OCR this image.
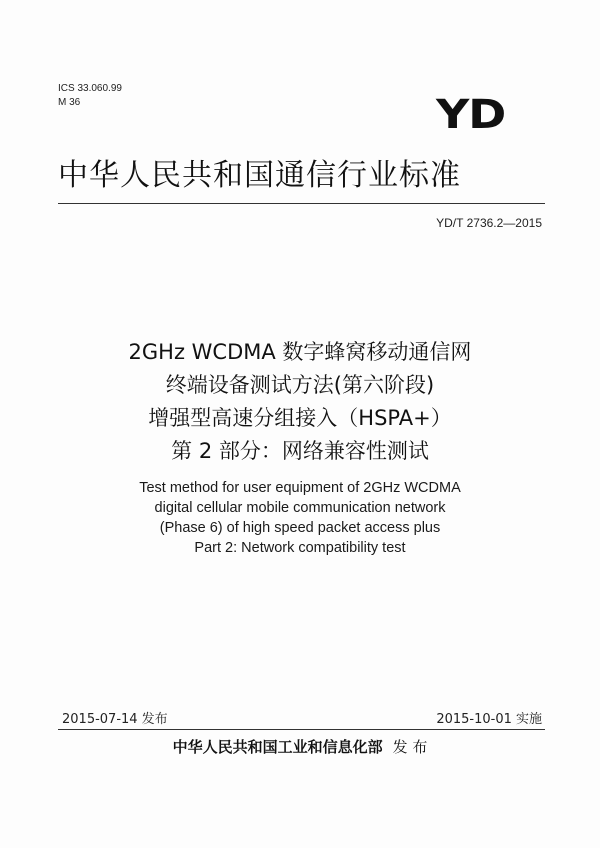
ICS 33.060.99
M 36	YD
中华人民共和国通信行业标准
YD/T 2736.2—2015
2GHz WCDMA 数字蜂窝移动通信网
终端设备测试方法(第六阶段)
增强型高速分组接入（HSPA+）
第 2 部分：网络兼容性测试
Test method for user equipment of 2GHz WCDMA
digital cellular mobile communication network
(Phase 6) of high speed packet access plus
Part 2: Network compatibility test
2015-07-14 发布	2015-10-01 实施
中华人民共和国工业和信息化部 发 布
